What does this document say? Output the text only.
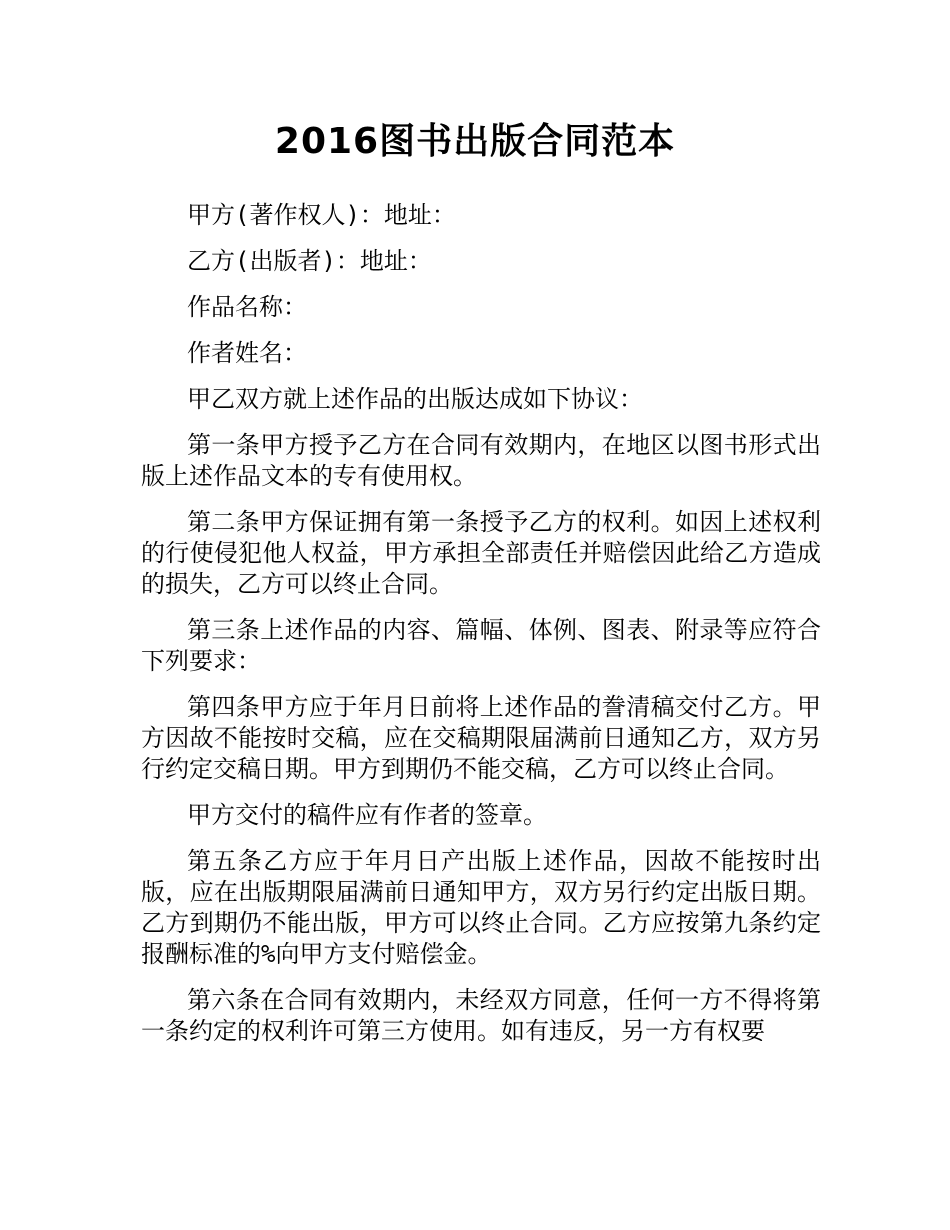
2016图书出版合同范本

甲方(著作权人)：地址：

乙方(出版者)：地址：

作品名称：

作者姓名：

甲乙双方就上述作品的出版达成如下协议：

第一条甲方授予乙方在合同有效期内，在地区以图书形式出版上述作品文本的专有使用权。

第二条甲方保证拥有第一条授予乙方的权利。如因上述权利的行使侵犯他人权益，甲方承担全部责任并赔偿因此给乙方造成的损失，乙方可以终止合同。

第三条上述作品的内容、篇幅、体例、图表、附录等应符合下列要求：

第四条甲方应于年月日前将上述作品的誊清稿交付乙方。甲方因故不能按时交稿，应在交稿期限届满前日通知乙方，双方另行约定交稿日期。甲方到期仍不能交稿，乙方可以终止合同。

甲方交付的稿件应有作者的签章。

第五条乙方应于年月日产出版上述作品，因故不能按时出版，应在出版期限届满前日通知甲方，双方另行约定出版日期。乙方到期仍不能出版，甲方可以终止合同。乙方应按第九条约定报酬标准的%向甲方支付赔偿金。

第六条在合同有效期内，未经双方同意，任何一方不得将第一条约定的权利许可第三方使用。如有违反，另一方有权要
